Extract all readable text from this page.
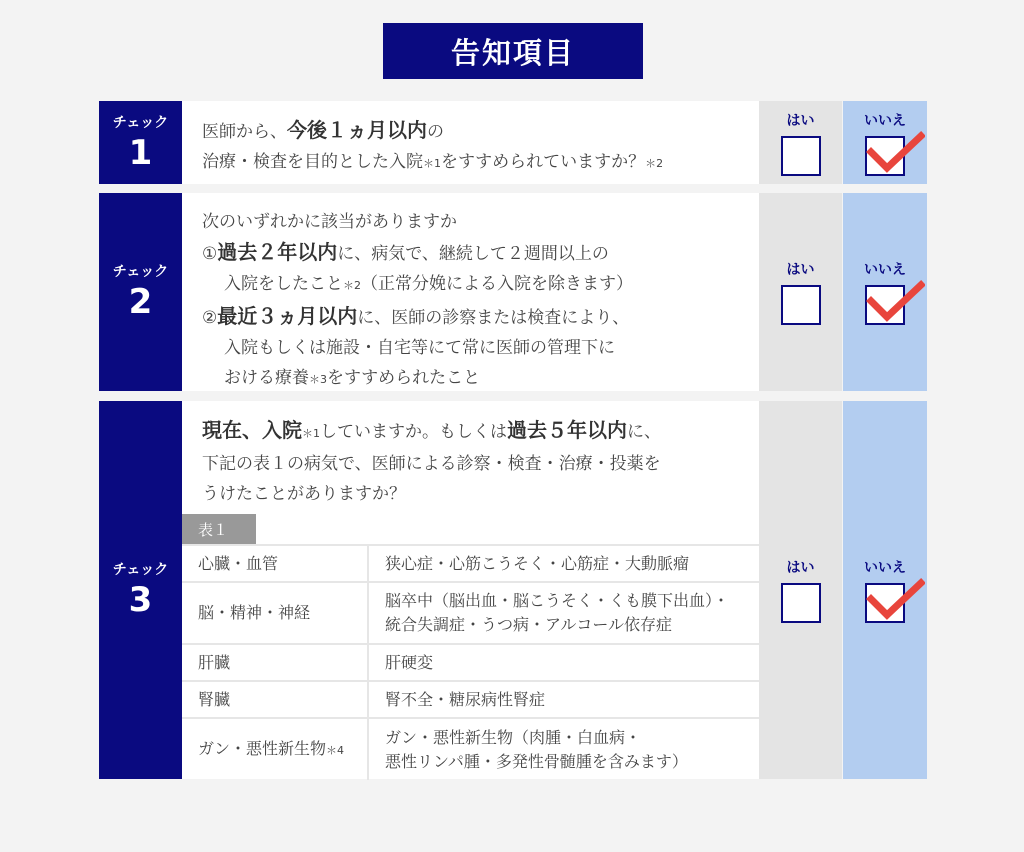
告知項目
チェック
1
医師から、今後１ヵ月以内の
治療・検査を目的とした入院＊1をすすめられていますか？＊2
はい	いいえ
チェック
2
次のいずれかに該当がありますか
①過去２年以内に、病気で、継続して２週間以上の
入院をしたこと＊2（正常分娩による入院を除きます）
②最近３ヵ月以内に、医師の診察または検査により、
入院もしくは施設・自宅等にて常に医師の管理下に
おける療養＊3をすすめられたこと
はい	いいえ
チェック
3
現在、入院＊1していますか。もしくは過去５年以内に、
下記の表１の病気で、医師による診察・検査・治療・投薬を
うけたことがありますか？
表１
心臓・血管	狭心症・心筋こうそく・心筋症・大動脈瘤
脳・精神・神経	脳卒中（脳出血・脳こうそく・くも膜下出血）・
統合失調症・うつ病・アルコール依存症
肝臓	肝硬変
腎臓	腎不全・糖尿病性腎症
ガン・悪性新生物＊4	ガン・悪性新生物（肉腫・白血病・
悪性リンパ腫・多発性骨髄腫を含みます）
はい	いいえ
